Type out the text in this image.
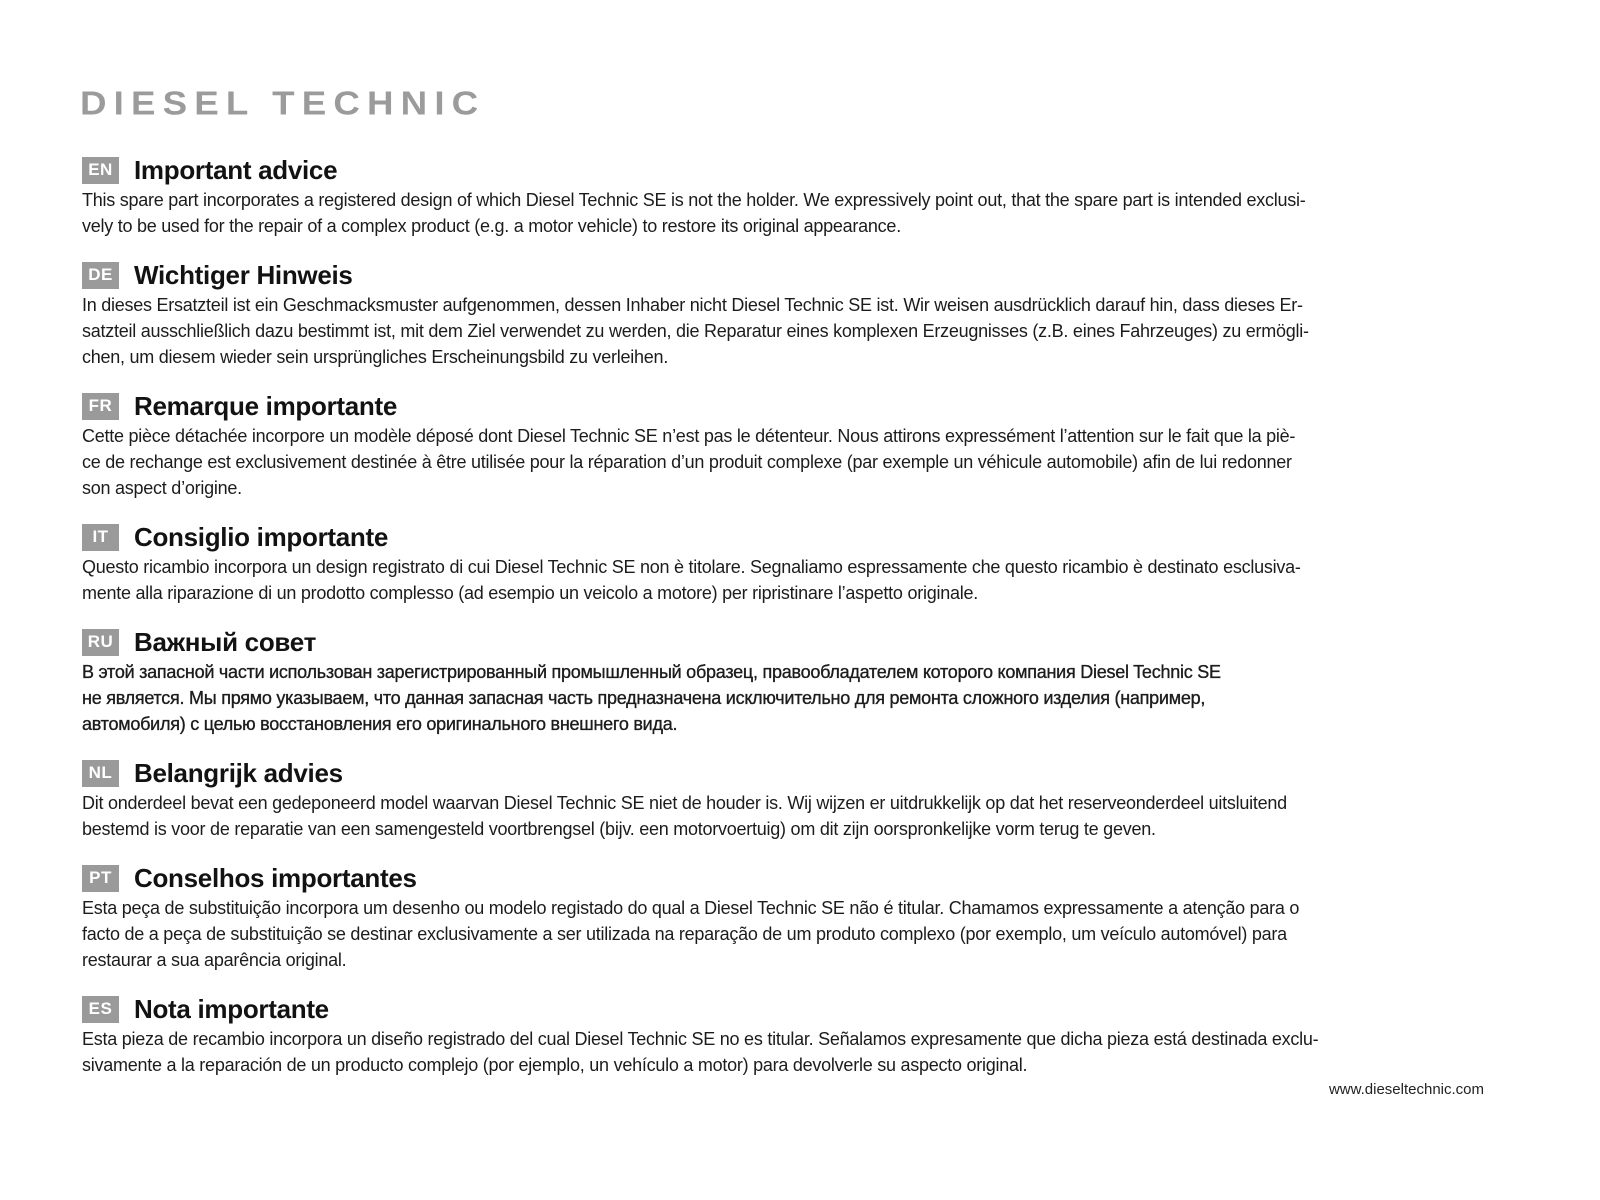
DIESEL TECHNIC
EN Important advice
This spare part incorporates a registered design of which Diesel Technic SE is not the holder. We expressively point out, that the spare part is intended exclusi-
vely to be used for the repair of a complex product (e.g. a motor vehicle) to restore its original appearance.
DE Wichtiger Hinweis
In dieses Ersatzteil ist ein Geschmacksmuster aufgenommen, dessen Inhaber nicht Diesel Technic SE ist. Wir weisen ausdrücklich darauf hin, dass dieses Er-
satzteil ausschließlich dazu bestimmt ist, mit dem Ziel verwendet zu werden, die Reparatur eines komplexen Erzeugnisses (z.B. eines Fahrzeuges) zu ermögli-
chen, um diesem wieder sein ursprüngliches Erscheinungsbild zu verleihen.
FR Remarque importante
Cette pièce détachée incorpore un modèle déposé dont Diesel Technic SE n’est pas le détenteur. Nous attirons expressément l’attention sur le fait que la piè-
ce de rechange est exclusivement destinée à être utilisée pour la réparation d’un produit complexe (par exemple un véhicule automobile) afin de lui redonner
son aspect d’origine.
IT Consiglio importante
Questo ricambio incorpora un design registrato di cui Diesel Technic SE non è titolare. Segnaliamo espressamente che questo ricambio è destinato esclusiva-
mente alla riparazione di un prodotto complesso (ad esempio un veicolo a motore) per ripristinare l’aspetto originale.
RU Важный совет
В этой запасной части использован зарегистрированный промышленный образец, правообладателем которого компания Diesel Technic SE
не является. Мы прямо указываем, что данная запасная часть предназначена исключительно для ремонта сложного изделия (например,
автомобиля) с целью восстановления его оригинального внешнего вида.
NL Belangrijk advies
Dit onderdeel bevat een gedeponeerd model waarvan Diesel Technic SE niet de houder is. Wij wijzen er uitdrukkelijk op dat het reserveonderdeel uitsluitend
bestemd is voor de reparatie van een samengesteld voortbrengsel (bijv. een motorvoertuig) om dit zijn oorspronkelijke vorm terug te geven.
PT Conselhos importantes
Esta peça de substituição incorpora um desenho ou modelo registado do qual a Diesel Technic SE não é titular. Chamamos expressamente a atenção para o
facto de a peça de substituição se destinar exclusivamente a ser utilizada na reparação de um produto complexo (por exemplo, um veículo automóvel) para
restaurar a sua aparência original.
ES Nota importante
Esta pieza de recambio incorpora un diseño registrado del cual Diesel Technic SE no es titular. Señalamos expresamente que dicha pieza está destinada exclu-
sivamente a la reparación de un producto complejo (por ejemplo, un vehículo a motor) para devolverle su aspecto original.
www.dieseltechnic.com
